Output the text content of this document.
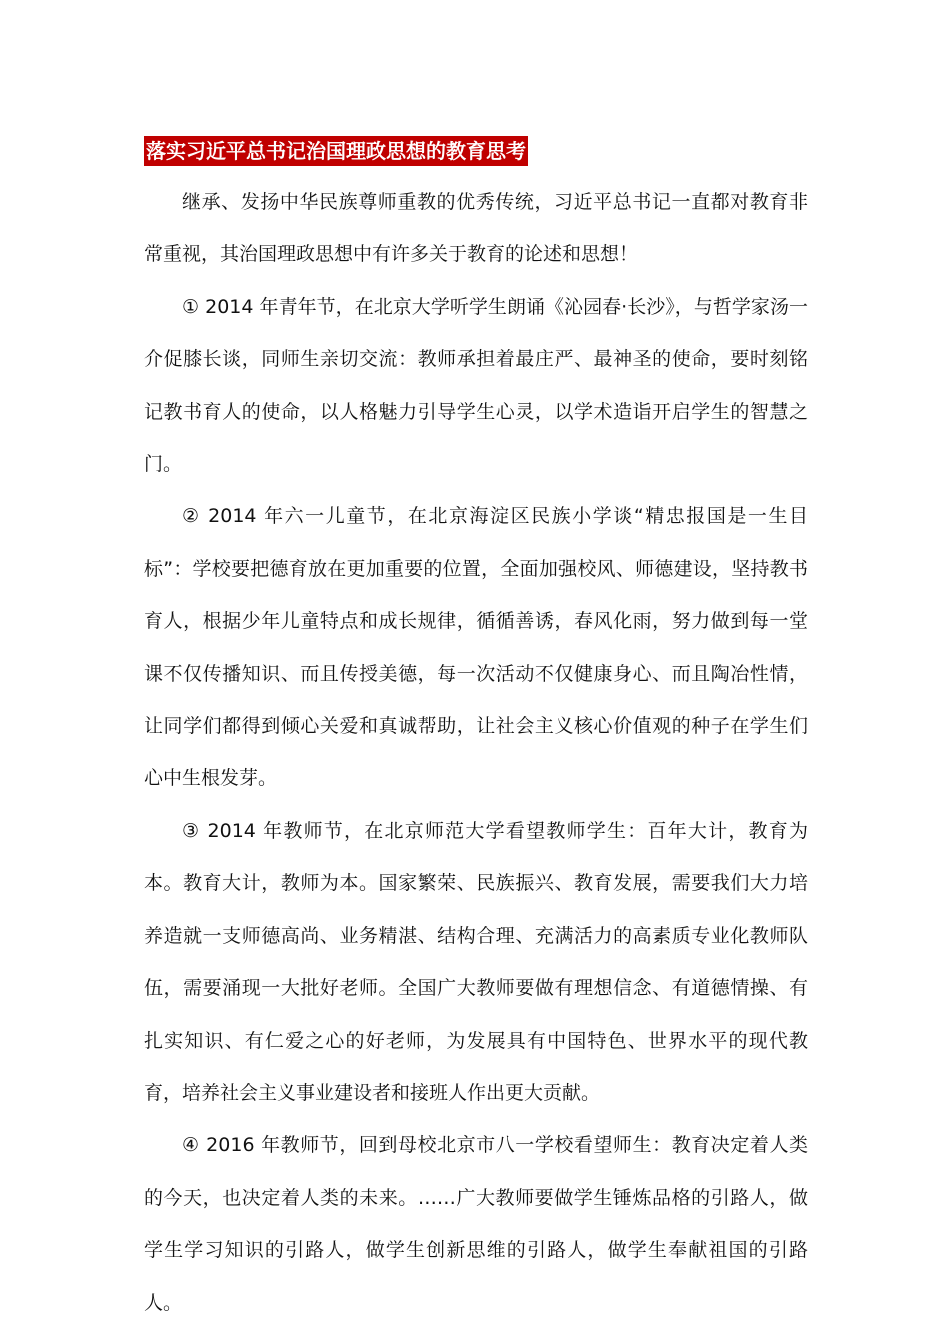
落实习近平总书记治国理政思想的教育思考

继承、发扬中华民族尊师重教的优秀传统，习近平总书记一直都对教育非常重视，其治国理政思想中有许多关于教育的论述和思想！

① 2014 年青年节，在北京大学听学生朗诵《沁园春·长沙》，与哲学家汤一介促膝长谈，同师生亲切交流：教师承担着最庄严、最神圣的使命，要时刻铭记教书育人的使命，以人格魅力引导学生心灵，以学术造诣开启学生的智慧之门。

② 2014 年六一儿童节，在北京海淀区民族小学谈“精忠报国是一生目标”：学校要把德育放在更加重要的位置，全面加强校风、师德建设，坚持教书育人，根据少年儿童特点和成长规律，循循善诱，春风化雨，努力做到每一堂课不仅传播知识、而且传授美德，每一次活动不仅健康身心、而且陶冶性情，让同学们都得到倾心关爱和真诚帮助，让社会主义核心价值观的种子在学生们心中生根发芽。

③ 2014 年教师节，在北京师范大学看望教师学生：百年大计，教育为本。教育大计，教师为本。国家繁荣、民族振兴、教育发展，需要我们大力培养造就一支师德高尚、业务精湛、结构合理、充满活力的高素质专业化教师队伍，需要涌现一大批好老师。全国广大教师要做有理想信念、有道德情操、有扎实知识、有仁爱之心的好老师，为发展具有中国特色、世界水平的现代教育，培养社会主义事业建设者和接班人作出更大贡献。

④ 2016 年教师节，回到母校北京市八一学校看望师生：教育决定着人类的今天，也决定着人类的未来。……广大教师要做学生锤炼品格的引路人，做学生学习知识的引路人，做学生创新思维的引路人，做学生奉献祖国的引路人。
